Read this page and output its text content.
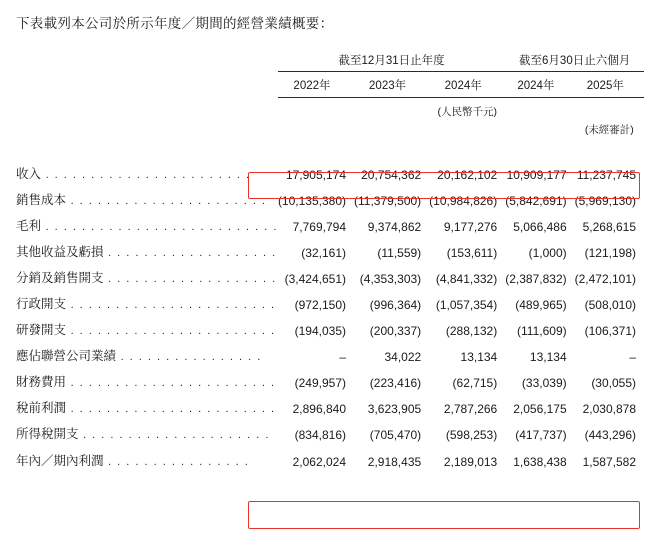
下表載列本公司於所示年度／期間的經營業績概要：
	截至12月31日止年度			截至6月30日止六個月	
	2022年	2023年	2024年		2024年	2025年
			(人民幣千元)			
						(未經審計)

收入 . . . . . . . . . . . . . . . . . . . . . . .	17,905,174	20,754,362	20,162,102		10,909,177	11,237,745
銷售成本 . . . . . . . . . . . . . . . . . . . . . .	(10,135,380)	(11,379,500)	(10,984,826)		(5,842,691)	(5,969,130)
毛利 . . . . . . . . . . . . . . . . . . . . . . . . . .	7,769,794	9,374,862	9,177,276		5,066,486	5,268,615
其他收益及虧損 . . . . . . . . . . . . . . . . . . .	(32,161)	(11,559)	(153,611)		(1,000)	(121,198)
分銷及銷售開支 . . . . . . . . . . . . . . . . . . .	(3,424,651)	(4,353,303)	(4,841,332)		(2,387,832)	(2,472,101)
行政開支 . . . . . . . . . . . . . . . . . . . . . . .	(972,150)	(996,364)	(1,057,354)		(489,965)	(508,010)
研發開支 . . . . . . . . . . . . . . . . . . . . . . .	(194,035)	(200,337)	(288,132)		(111,609)	(106,371)
應佔聯營公司業績 . . . . . . . . . . . . . . . .	–	34,022	13,134		13,134	–
財務費用 . . . . . . . . . . . . . . . . . . . . . . .	(249,957)	(223,416)	(62,715)		(33,039)	(30,055)
稅前利潤 . . . . . . . . . . . . . . . . . . . . . . .	2,896,840	3,623,905	2,787,266		2,056,175	2,030,878
所得稅開支 . . . . . . . . . . . . . . . . . . . . .	(834,816)	(705,470)	(598,253)		(417,737)	(443,296)
年內／期內利潤 . . . . . . . . . . . . . . . .	2,062,024	2,918,435	2,189,013		1,638,438	1,587,582
